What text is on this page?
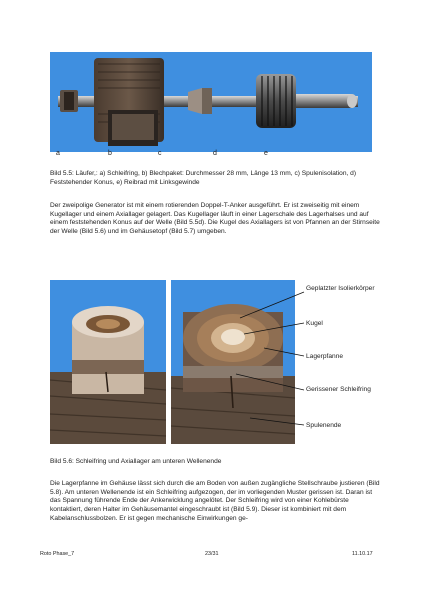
a	b	c	d	e
Bild 5.5: Läufer,: a) Schleifring, b) Blechpaket: Durchmesser 28 mm, Länge 13 mm, c) Spulenisolation, d) Feststehender Konus, e) Reibrad mit Linksgewinde
Der zweipolige Generator ist mit einem rotierenden Doppel-T-Anker ausgeführt. Er ist zweiseitig mit einem Kugellager und einem Axiallager gelagert. Das Kugellager läuft in einer Lagerschale des Lagerhalses und auf einem feststehenden Konus auf der Welle (Bild 5.5d). Die Kugel des Axiallagers ist von Pfannen an der Stirnseite der Welle (Bild 5.6) und im Gehäusetopf (Bild 5.7) umgeben.
Geplatzter Isolierkörper
Kugel
Lagerpfanne
Gerissener Schleifring
Spulenende
Bild 5.6: Schleifring und Axiallager am unteren Wellenende
Die Lagerpfanne im Gehäuse lässt sich durch die am Boden von außen zugängliche Stellschraube justieren (Bild 5.8). Am unteren Wellenende ist ein Schleifring aufgezogen, der im vorliegenden Muster gerissen ist. Daran ist das Spannung führende Ende der Ankerwicklung angelötet. Der Schleifring wird von einer Kohlebürste kontaktiert, deren Halter im Gehäusemantel eingeschraubt ist (Bild 5.9). Dieser ist kombiniert mit dem Kabelanschlussbolzen. Er ist gegen mechanische Einwirkungen ge-
Roto Phase_7	23/31	11.10.17
